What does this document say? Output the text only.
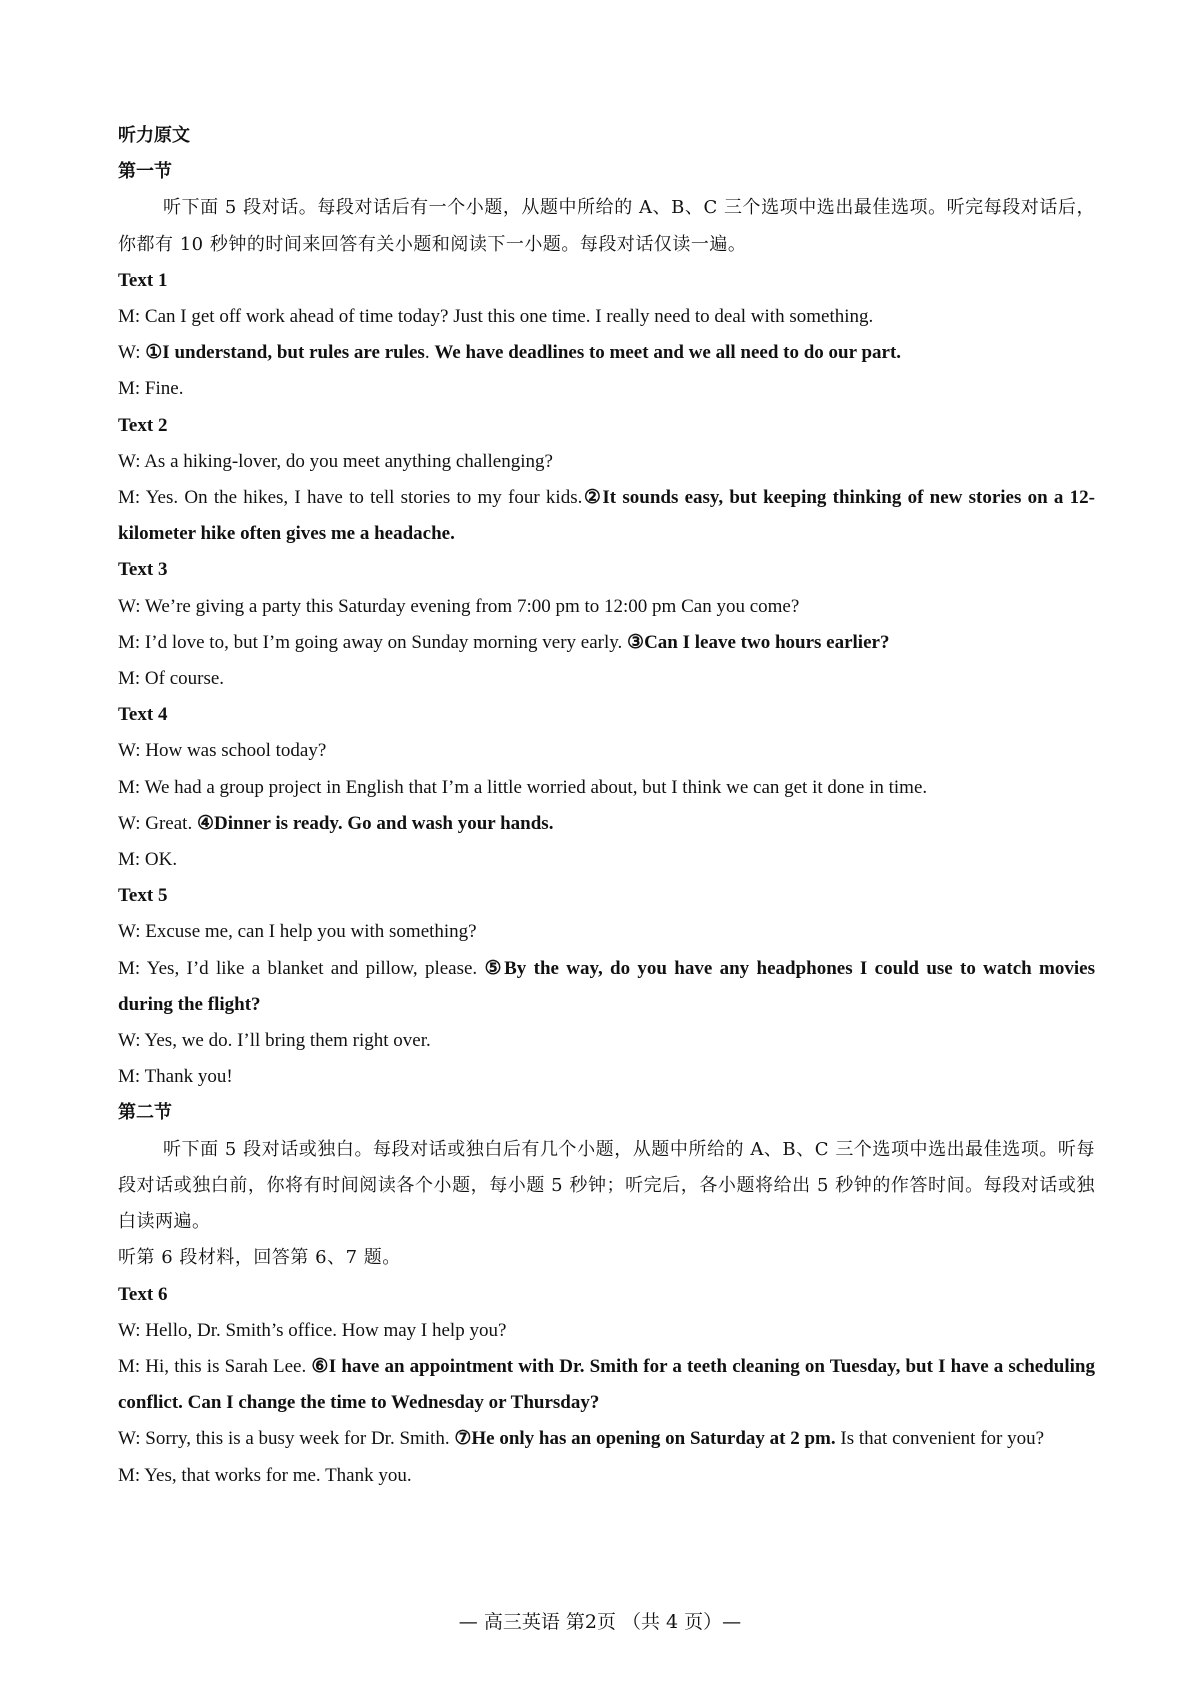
听力原文
第一节
听下面 5 段对话。每段对话后有一个小题，从题中所给的 A、B、C 三个选项中选出最佳选项。听完每段对话后，你都有 10 秒钟的时间来回答有关小题和阅读下一小题。每段对话仅读一遍。
Text 1
M: Can I get off work ahead of time today? Just this one time. I really need to deal with something.
W: ①I understand, but rules are rules. We have deadlines to meet and we all need to do our part.
M: Fine.
Text 2
W: As a hiking-lover, do you meet anything challenging?
M: Yes. On the hikes, I have to tell stories to my four kids.②It sounds easy, but keeping thinking of new stories on a 12-kilometer hike often gives me a headache.
Text 3
W: We’re giving a party this Saturday evening from 7:00 pm to 12:00 pm Can you come?
M: I’d love to, but I’m going away on Sunday morning very early. ③Can I leave two hours earlier?
M: Of course.
Text 4
W: How was school today?
M: We had a group project in English that I’m a little worried about, but I think we can get it done in time.
W: Great. ④Dinner is ready. Go and wash your hands.
M: OK.
Text 5
W: Excuse me, can I help you with something?
M: Yes, I’d like a blanket and pillow, please. ⑤By the way, do you have any headphones I could use to watch movies during the flight?
W: Yes, we do. I’ll bring them right over.
M: Thank you!
第二节
听下面 5 段对话或独白。每段对话或独白后有几个小题，从题中所给的 A、B、C 三个选项中选出最佳选项。听每段对话或独白前，你将有时间阅读各个小题，每小题 5 秒钟；听完后，各小题将给出 5 秒钟的作答时间。每段对话或独白读两遍。
听第 6 段材料，回答第 6、7 题。
Text 6
W: Hello, Dr. Smith’s office. How may I help you?
M: Hi, this is Sarah Lee. ⑥I have an appointment with Dr. Smith for a teeth cleaning on Tuesday, but I have a scheduling conflict. Can I change the time to Wednesday or Thursday?
W: Sorry, this is a busy week for Dr. Smith. ⑦He only has an opening on Saturday at 2 pm. Is that convenient for you?
M: Yes, that works for me. Thank you.
— 高三英语 第2页 （共 4 页）—
